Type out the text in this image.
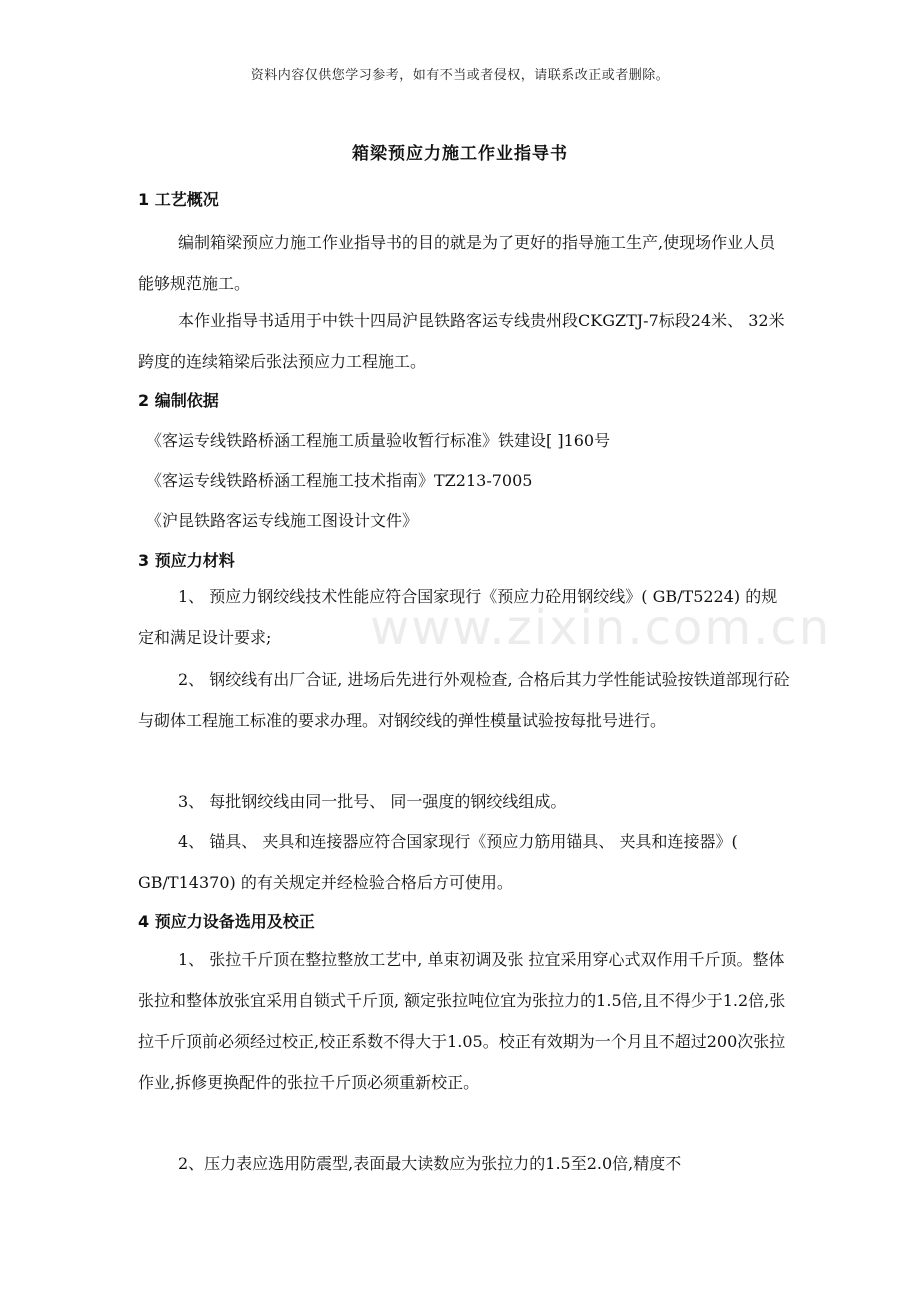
资料内容仅供您学习参考，如有不当或者侵权，请联系改正或者删除。
箱梁预应力施工作业指导书
1 工艺概况

编制箱梁预应力施工作业指导书的目的就是为了更好的指导施工生产,使现场作业人员能够规范施工。

本作业指导书适用于中铁十四局沪昆铁路客运专线贵州段CKGZTJ-7标段24米、 32米跨度的连续箱梁后张法预应力工程施工。

2 编制依据
《客运专线铁路桥涵工程施工质量验收暂行标准》铁建设[ ]160号
《客运专线铁路桥涵工程施工技术指南》TZ213-7005
《沪昆铁路客运专线施工图设计文件》
3 预应力材料

1、 预应力钢绞线技术性能应符合国家现行《预应力砼用钢绞线》( GB/T5224) 的规定和满足设计要求;

2、 钢绞线有出厂合证, 进场后先进行外观检查, 合格后其力学性能试验按铁道部现行砼与砌体工程施工标准的要求办理。对钢绞线的弹性模量试验按每批号进行。

3、 每批钢绞线由同一批号、 同一强度的钢绞线组成。

4、 锚具、 夹具和连接器应符合国家现行《预应力筋用锚具、 夹具和连接器》( GB/T14370) 的有关规定并经检验合格后方可使用。

4 预应力设备选用及校正

1、 张拉千斤顶在整拉整放工艺中, 单束初调及张 拉宜采用穿心式双作用千斤顶。整体张拉和整体放张宜采用自锁式千斤顶, 额定张拉吨位宜为张拉力的1.5倍,且不得少于1.2倍,张拉千斤顶前必须经过校正,校正系数不得大于1.05。校正有效期为一个月且不超过200次张拉作业,拆修更换配件的张拉千斤顶必须重新校正。

2、压力表应选用防震型,表面最大读数应为张拉力的1.5至2.0倍,精度不

www.zixin.com.cn
